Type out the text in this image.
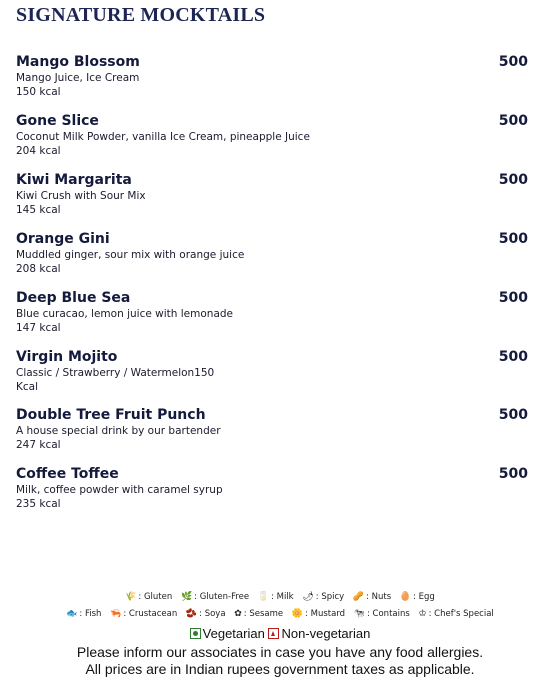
SIGNATURE MOCKTAILS
Mango Blossom	500
Mango Juice, Ice Cream
150 kcal
Gone Slice	500
Coconut Milk Powder, vanilla Ice Cream, pineapple Juice
204 kcal
Kiwi Margarita	500
Kiwi Crush with Sour Mix
145 kcal
Orange Gini	500
Muddled ginger, sour mix with orange juice
208 kcal
Deep Blue Sea	500
Blue curacao, lemon juice with lemonade
147 kcal
Virgin Mojito	500
Classic / Strawberry / Watermelon150
Kcal
Double Tree Fruit Punch	500
A house special drink by our bartender
247 kcal
Coffee Toffee	500
Milk, coffee powder with caramel syrup
235 kcal
🌾 : Gluten 🌿 : Gluten-Free 🥛 : Milk 🌶 : Spicy 🥜 : Nuts 🥚 : Egg
🐟 : Fish 🦐 : Crustacean 🫘 : Soya ✿ : Sesame 🌼 : Mustard 🐄 : Contains ♔ : Chef's Special
Vegetarian Non-vegetarian
Please inform our associates in case you have any food allergies.
All prices are in Indian rupees government taxes as applicable.
